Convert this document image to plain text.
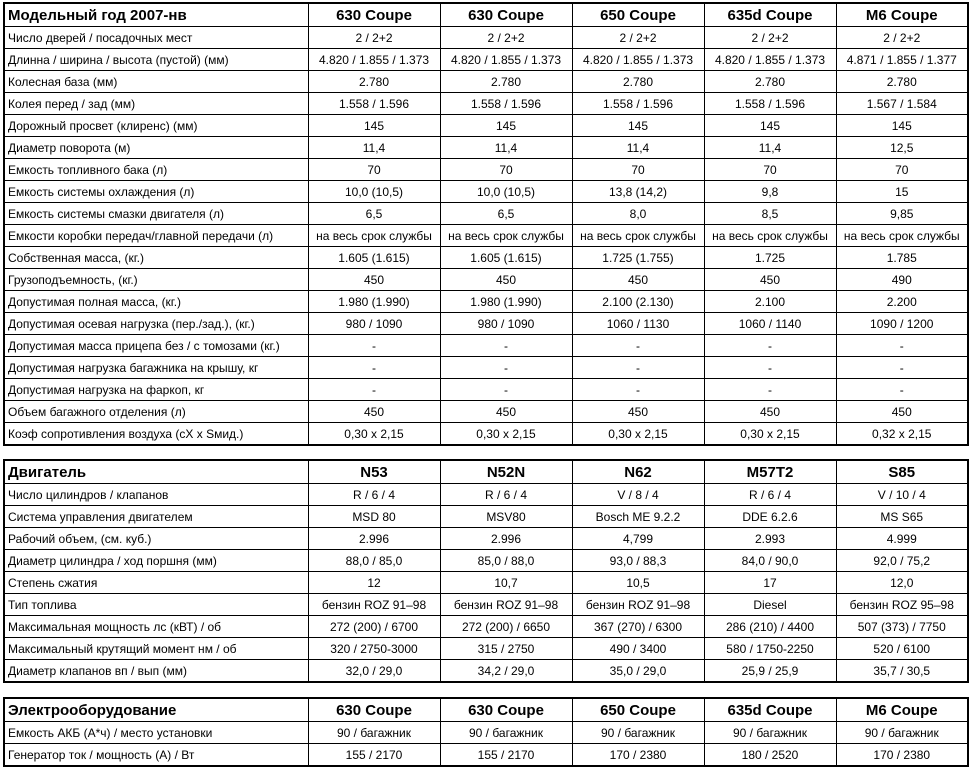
Модельный год 2007-нв	630 Coupe	630 Coupe	650 Coupe	635d Coupe	M6 Coupe
Число дверей / посадочных мест	2 / 2+2	2 / 2+2	2 / 2+2	2 / 2+2	2 / 2+2
Длинна / ширина / высота (пустой) (мм)	4.820 / 1.855 / 1.373	4.820 / 1.855 / 1.373	4.820 / 1.855 / 1.373	4.820 / 1.855 / 1.373	4.871 / 1.855 / 1.377
Колесная база (мм)	2.780	2.780	2.780	2.780	2.780
Колея перед / зад (мм)	1.558 / 1.596	1.558 / 1.596	1.558 / 1.596	1.558 / 1.596	1.567 / 1.584
Дорожный просвет (клиренс) (мм)	145	145	145	145	145
Диаметр поворота (м)	11,4	11,4	11,4	11,4	12,5
Емкость топливного бака (л)	70	70	70	70	70
Емкость системы охлаждения (л)	10,0 (10,5)	10,0 (10,5)	13,8 (14,2)	9,8	15
Емкость системы смазки двигателя (л)	6,5	6,5	8,0	8,5	9,85
Емкости коробки передач/главной передачи (л)	на весь срок службы	на весь срок службы	на весь срок службы	на весь срок службы	на весь срок службы
Собственная масса, (кг.)	1.605 (1.615)	1.605 (1.615)	1.725 (1.755)	1.725	1.785
Грузоподъемность, (кг.)	450	450	450	450	490
Допустимая полная масса, (кг.)	1.980 (1.990)	1.980 (1.990)	2.100 (2.130)	2.100	2.200
Допустимая осевая нагрузка (пер./зад.), (кг.)	980 / 1090	980 / 1090	1060 / 1130	1060 / 1140	1090 / 1200
Допустимая масса прицепа без / с томозами (кг.)	-	-	-	-	-
Допустимая нагрузка багажника на крышу, кг	-	-	-	-	-
Допустимая нагрузка на фаркоп, кг	-	-	-	-	-
Объем багажного отделения (л)	450	450	450	450	450
Коэф сопротивления воздуха (cX x Sмид.)	0,30 x 2,15	0,30 x 2,15	0,30 x 2,15	0,30 x 2,15	0,32 x 2,15
Двигатель	N53	N52N	N62	M57T2	S85
Число цилиндров / клапанов	R / 6 / 4	R / 6 / 4	V / 8 / 4	R / 6 / 4	V / 10 / 4
Система управления двигателем	MSD 80	MSV80	Bosch ME 9.2.2	DDE 6.2.6	MS S65
Рабочий объем, (см. куб.)	2.996	2.996	4,799	2.993	4.999
Диаметр цилиндра / ход поршня (мм)	88,0 / 85,0	85,0 / 88,0	93,0 / 88,3	84,0 / 90,0	92,0 / 75,2
Степень сжатия	12	10,7	10,5	17	12,0
Тип топлива	бензин ROZ 91–98	бензин ROZ 91–98	бензин ROZ 91–98	Diesel	бензин ROZ 95–98
Максимальная мощность лс (кВТ) / об	272 (200) / 6700	272 (200) / 6650	367 (270) / 6300	286 (210) / 4400	507 (373) / 7750
Максимальный крутящий момент нм / об	320 / 2750-3000	315 / 2750	490 / 3400	580 / 1750-2250	520 / 6100
Диаметр клапанов вп / вып (мм)	32,0 / 29,0	34,2 / 29,0	35,0 / 29,0	25,9 / 25,9	35,7 / 30,5
Электрооборудование	630 Coupe	630 Coupe	650 Coupe	635d Coupe	M6 Coupe
Емкость АКБ (А*ч) / место установки	90 / багажник	90 / багажник	90 / багажник	90 / багажник	90 / багажник
Генератор ток / мощность (А) / Вт	155 / 2170	155 / 2170	170 / 2380	180 / 2520	170 / 2380
